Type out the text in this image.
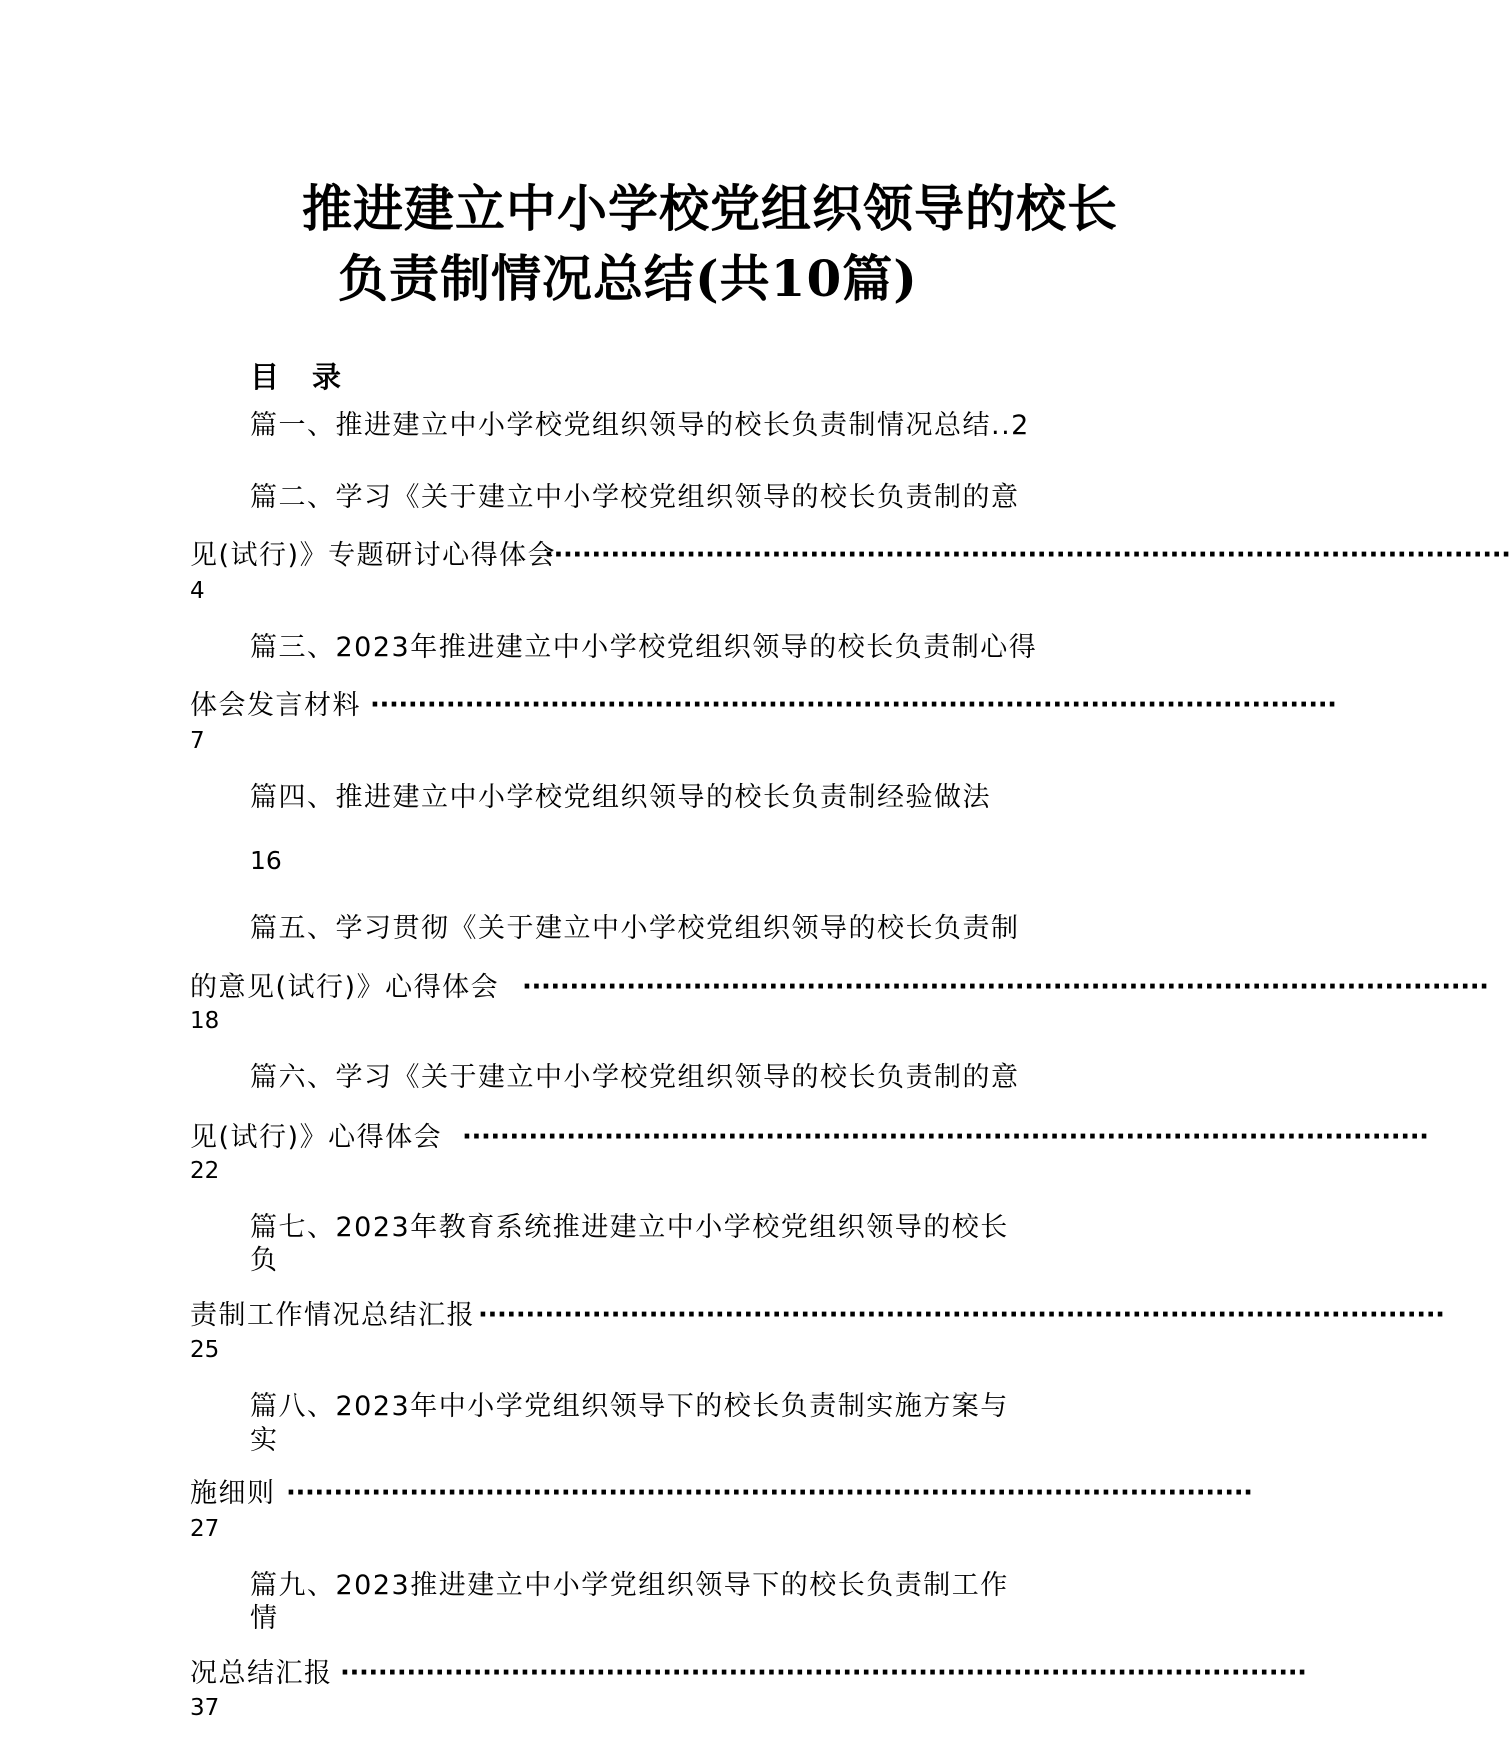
推进建立中小学校党组织领导的校长
负责制情况总结(共10篇)
目　录
篇一、推进建立中小学校党组织领导的校长负责制情况总结..2
篇二、学习《关于建立中小学校党组织领导的校长负责制的意
见(试行)》专题研讨心得体会
······································································································
4
篇三、2023年推进建立中小学校党组织领导的校长负责制心得
体会发言材料 ······································································································
7
篇四、推进建立中小学校党组织领导的校长负责制经验做法
16
篇五、学习贯彻《关于建立中小学校党组织领导的校长负责制
的意见(试行)》心得体会 ······································································································
18
篇六、学习《关于建立中小学校党组织领导的校长负责制的意
见(试行)》心得体会 ······································································································
22
篇七、2023年教育系统推进建立中小学校党组织领导的校长
负
责制工作情况总结汇报 ······································································································
25
篇八、2023年中小学党组织领导下的校长负责制实施方案与
实
施细则 ······································································································
27
篇九、2023推进建立中小学党组织领导下的校长负责制工作
情
况总结汇报 ······································································································
37
